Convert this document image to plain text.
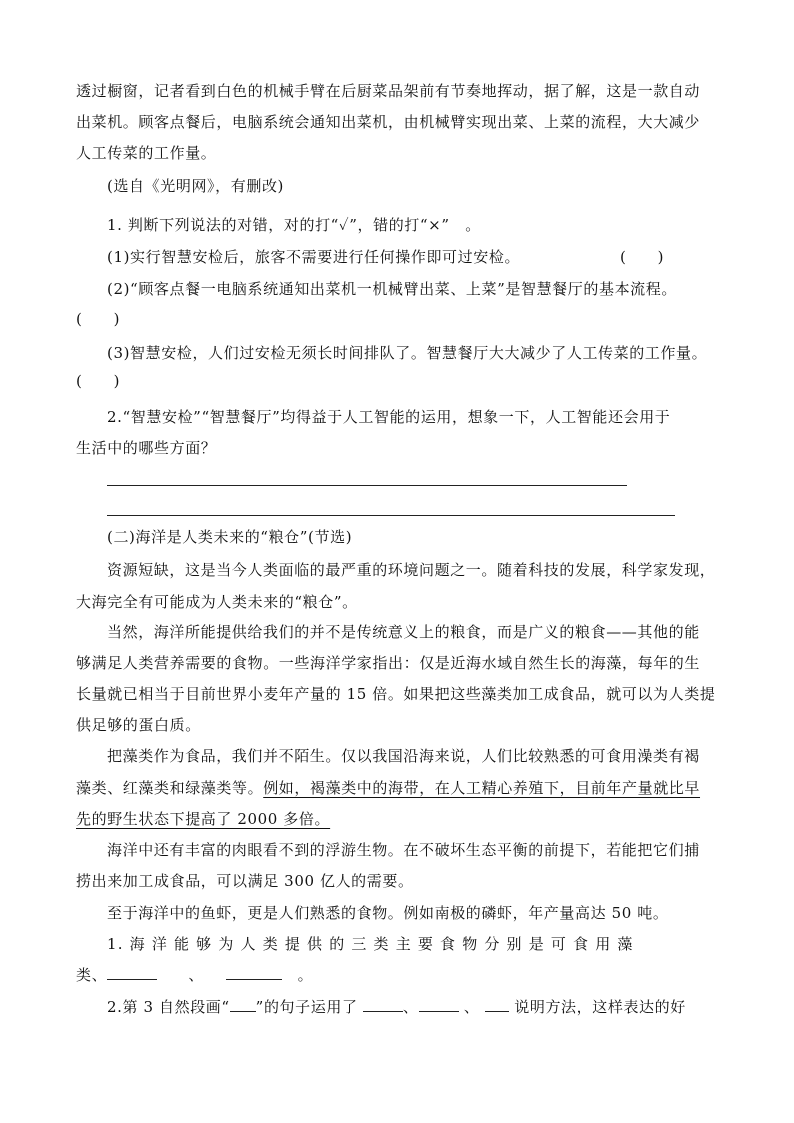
透过橱窗，记者看到白色的机械手臂在后厨菜品架前有节奏地挥动，据了解，这是一款自动

出菜机。顾客点餐后，电脑系统会通知出菜机，由机械臂实现出菜、上菜的流程，大大减少

人工传菜的工作量。

(选自《光明网》，有删改)

1. 判断下列说法的对错，对的打“✓”，错的打“×”　。

(1)实行智慧安检后，旅客不需要进行任何操作即可过安检。	(　　)

(2)“顾客点餐一电脑系统通知出菜机一机械臂出菜、上菜”是智慧餐厅的基本流程。

(　　)

(3)智慧安检，人们过安检无须长时间排队了。智慧餐厅大大减少了人工传菜的工作量。

(　　)

2.“智慧安检”“智慧餐厅”均得益于人工智能的运用，想象一下，人工智能还会用于

生活中的哪些方面？

(二)海洋是人类未来的“粮仓”(节选)

资源短缺，这是当今人类面临的最严重的环境问题之一。随着科技的发展，科学家发现，

大海完全有可能成为人类未来的“粮仓”。

当然，海洋所能提供给我们的并不是传统意义上的粮食，而是广义的粮食——其他的能

够满足人类营养需要的食物。一些海洋学家指出：仅是近海水域自然生长的海藻，每年的生

长量就已相当于目前世界小麦年产量的 15 倍。如果把这些藻类加工成食品，就可以为人类提

供足够的蛋白质。

把藻类作为食品，我们并不陌生。仅以我国沿海来说，人们比较熟悉的可食用澡类有褐

藻类、红藻类和绿藻类等。例如，褐藻类中的海带，在人工精心养殖下，目前年产量就比早

先的野生状态下提高了 2000 多倍。

海洋中还有丰富的肉眼看不到的浮游生物。在不破坏生态平衡的前提下，若能把它们捕

捞出来加工成食品，可以满足 300 亿人的需要。

至于海洋中的鱼虾，更是人们熟悉的食物。例如南极的磷虾，年产量高达 50 吨。

1. 海 洋 能 够 为 人 类 提 供 的 三 类 主 要 食 物 分 别 是 可 食 用 藻

类、	　　、	　。

2.第 3 自然段画“ ”的句子运用了	、	、  说明方法，这样表达的好
